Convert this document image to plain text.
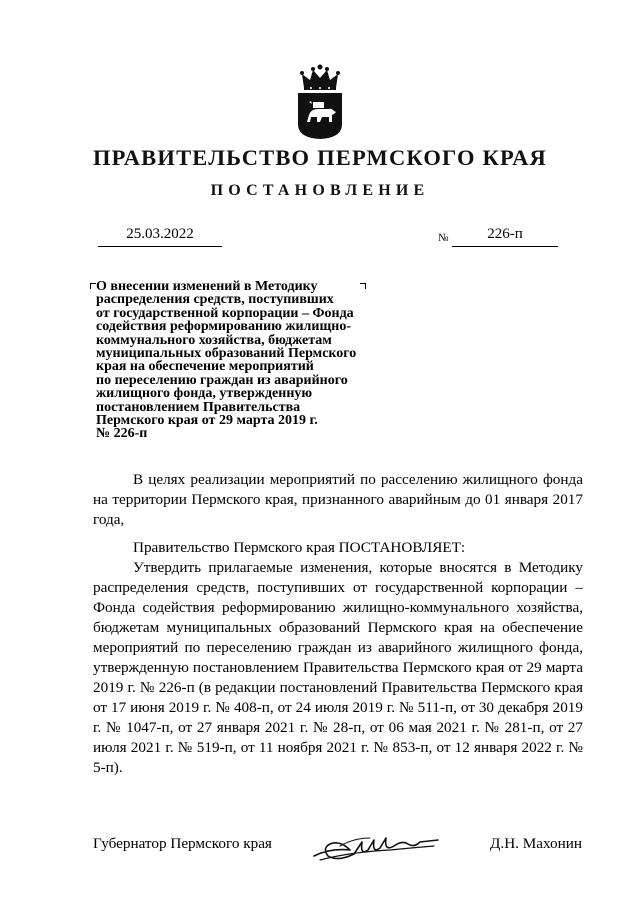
ПРАВИТЕЛЬСТВО ПЕРМСКОГО КРАЯ
ПОСТАНОВЛЕНИЕ
25.03.2022	№	226-п
О внесении изменений в Методику
распределения средств, поступивших
от государственной корпорации – Фонда
содействия реформированию жилищно-
коммунального хозяйства, бюджетам
муниципальных образований Пермского
края на обеспечение мероприятий
по переселению граждан из аварийного
жилищного фонда, утвержденную
постановлением Правительства
Пермского края от 29 марта 2019 г.
№ 226-п

В целях реализации мероприятий по расселению жилищного фонда на территории Пермского края, признанного аварийным до 01 января 2017 года,

Правительство Пермского края ПОСТАНОВЛЯЕТ:

Утвердить прилагаемые изменения, которые вносятся в Методику распределения средств, поступивших от государственной корпорации – Фонда содействия реформированию жилищно-коммунального хозяйства, бюджетам муниципальных образований Пермского края на обеспечение мероприятий по переселению граждан из аварийного жилищного фонда, утвержденную постановлением Правительства Пермского края от 29 марта 2019 г. № 226-п (в редакции постановлений Правительства Пермского края от 17 июня 2019 г. № 408-п, от 24 июля 2019 г. № 511-п, от 30 декабря 2019 г. № 1047-п, от 27 января 2021 г. № 28-п, от 06 мая 2021 г. № 281-п, от 27 июля 2021 г. № 519-п, от 11 ноября 2021 г. № 853-п, от 12 января 2022 г. № 5-п).

Губернатор Пермского края	Д.Н. Махонин
